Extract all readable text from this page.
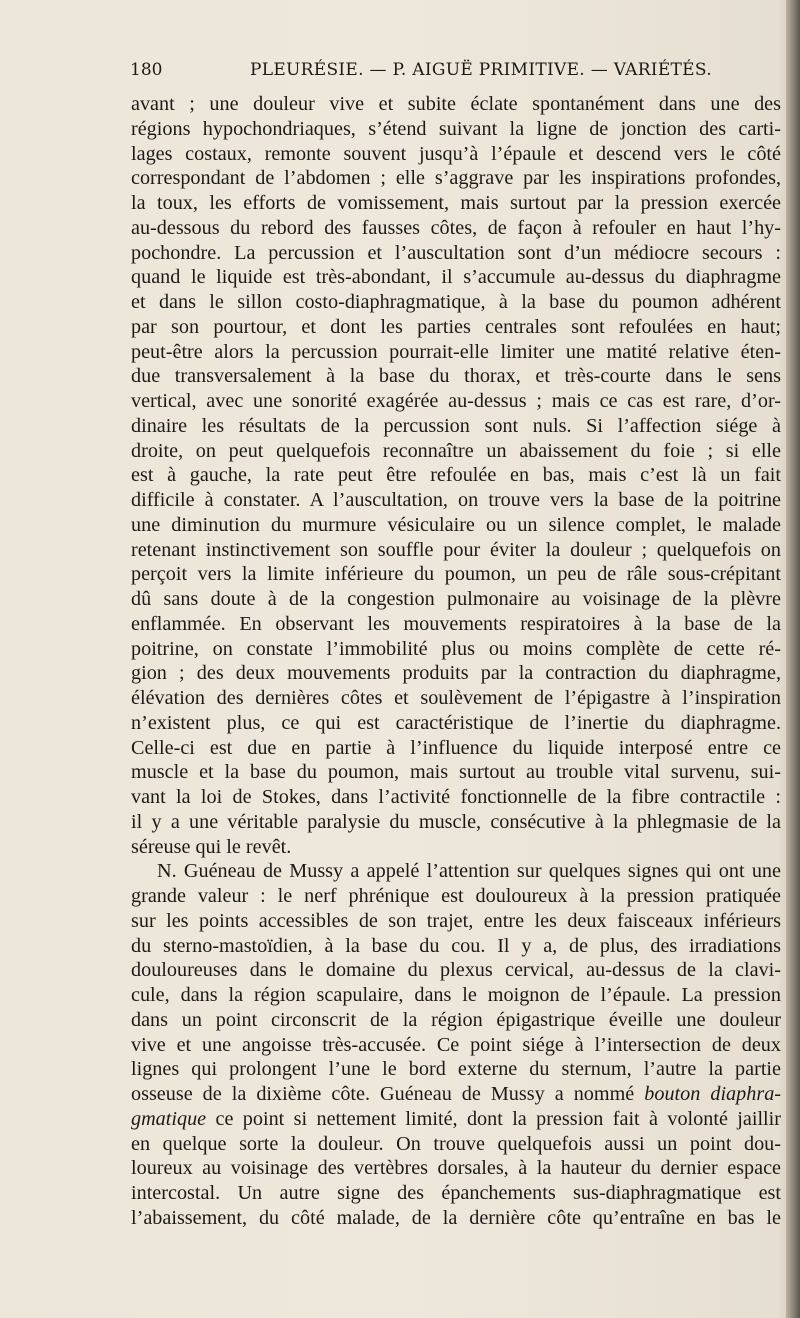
180	PLEURÉSIE. — P. AIGUË PRIMITIVE. — VARIÉTÉS.
avant ; une douleur vive et subite éclate spontanément dans une des
régions hypochondriaques, s’étend suivant la ligne de jonction des carti-
lages costaux, remonte souvent jusqu’à l’épaule et descend vers le côté
correspondant de l’abdomen ; elle s’aggrave par les inspirations profondes,
la toux, les efforts de vomissement, mais surtout par la pression exercée
au-dessous du rebord des fausses côtes, de façon à refouler en haut l’hy-
pochondre. La percussion et l’auscultation sont d’un médiocre secours :
quand le liquide est très-abondant, il s’accumule au-dessus du diaphragme
et dans le sillon costo-diaphragmatique, à la base du poumon adhérent
par son pourtour, et dont les parties centrales sont refoulées en haut;
peut-être alors la percussion pourrait-elle limiter une matité relative éten-
due transversalement à la base du thorax, et très-courte dans le sens
vertical, avec une sonorité exagérée au-dessus ; mais ce cas est rare, d’or-
dinaire les résultats de la percussion sont nuls. Si l’affection siége à
droite, on peut quelquefois reconnaître un abaissement du foie ; si elle
est à gauche, la rate peut être refoulée en bas, mais c’est là un fait
difficile à constater. A l’auscultation, on trouve vers la base de la poitrine
une diminution du murmure vésiculaire ou un silence complet, le malade
retenant instinctivement son souffle pour éviter la douleur ; quelquefois on
perçoit vers la limite inférieure du poumon, un peu de râle sous-crépitant
dû sans doute à de la congestion pulmonaire au voisinage de la plèvre
enflammée. En observant les mouvements respiratoires à la base de la
poitrine, on constate l’immobilité plus ou moins complète de cette ré-
gion ; des deux mouvements produits par la contraction du diaphragme,
élévation des dernières côtes et soulèvement de l’épigastre à l’inspiration
n’existent plus, ce qui est caractéristique de l’inertie du diaphragme.
Celle-ci est due en partie à l’influence du liquide interposé entre ce
muscle et la base du poumon, mais surtout au trouble vital survenu, sui-
vant la loi de Stokes, dans l’activité fonctionnelle de la fibre contractile :
il y a une véritable paralysie du muscle, consécutive à la phlegmasie de la
séreuse qui le revêt.
N. Guéneau de Mussy a appelé l’attention sur quelques signes qui ont une
grande valeur : le nerf phrénique est douloureux à la pression pratiquée
sur les points accessibles de son trajet, entre les deux faisceaux inférieurs
du sterno-mastoïdien, à la base du cou. Il y a, de plus, des irradiations
douloureuses dans le domaine du plexus cervical, au-dessus de la clavi-
cule, dans la région scapulaire, dans le moignon de l’épaule. La pression
dans un point circonscrit de la région épigastrique éveille une douleur
vive et une angoisse très-accusée. Ce point siége à l’intersection de deux
lignes qui prolongent l’une le bord externe du sternum, l’autre la partie
osseuse de la dixième côte. Guéneau de Mussy a nommé bouton diaphra-
gmatique ce point si nettement limité, dont la pression fait à volonté jaillir
en quelque sorte la douleur. On trouve quelquefois aussi un point dou-
loureux au voisinage des vertèbres dorsales, à la hauteur du dernier espace
intercostal. Un autre signe des épanchements sus-diaphragmatique est
l’abaissement, du côté malade, de la dernière côte qu’entraîne en bas le
